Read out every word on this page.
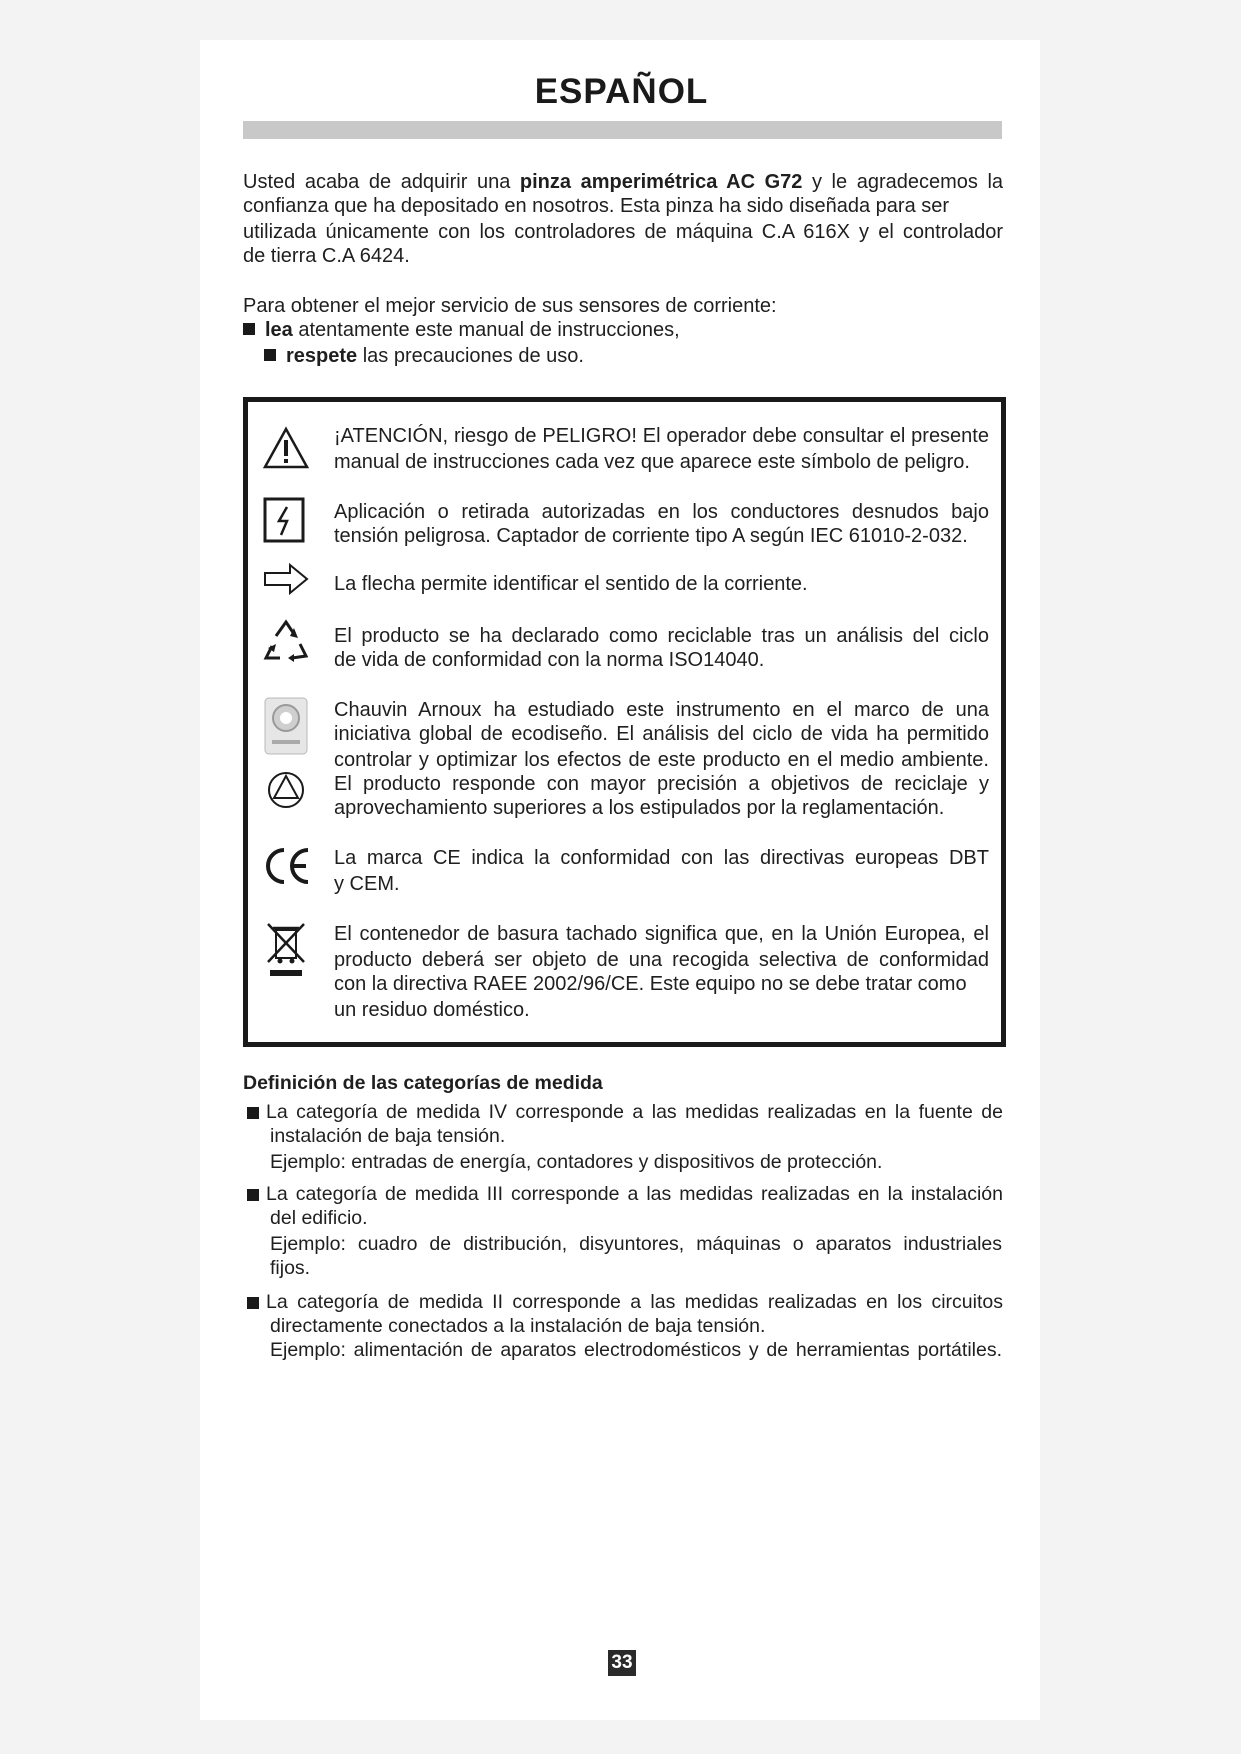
ESPAÑOL
Usted acaba de adquirir una pinza amperimétrica AC G72 y le agradecemos la
confianza que ha depositado en nosotros. Esta pinza ha sido diseñada para ser
utilizada únicamente con los controladores de máquina C.A 616X y el controlador
de tierra C.A 6424.
Para obtener el mejor servicio de sus sensores de corriente:
lea atentamente este manual de instrucciones,
respete las precauciones de uso.
¡ATENCIÓN, riesgo de PELIGRO! El operador debe consultar el presente
manual de instrucciones cada vez que aparece este símbolo de peligro.
Aplicación o retirada autorizadas en los conductores desnudos bajo
tensión peligrosa. Captador de corriente tipo A según IEC 61010-2-032.
La flecha permite identificar el sentido de la corriente.
El producto se ha declarado como reciclable tras un análisis del ciclo
de vida de conformidad con la norma ISO14040.
Chauvin Arnoux ha estudiado este instrumento en el marco de una
iniciativa global de ecodiseño. El análisis del ciclo de vida ha permitido
controlar y optimizar los efectos de este producto en el medio ambiente.
El producto responde con mayor precisión a objetivos de reciclaje y
aprovechamiento superiores a los estipulados por la reglamentación.
La marca CE indica la conformidad con las directivas europeas DBT
y CEM.
El contenedor de basura tachado significa que, en la Unión Europea, el
producto deberá ser objeto de una recogida selectiva de conformidad
con la directiva RAEE 2002/96/CE. Este equipo no se debe tratar como
un residuo doméstico.
Definición de las categorías de medida
La categoría de medida IV corresponde a las medidas realizadas en la fuente de
instalación de baja tensión.
Ejemplo: entradas de energía, contadores y dispositivos de protección.
La categoría de medida III corresponde a las medidas realizadas en la instalación
del edificio.
Ejemplo: cuadro de distribución, disyuntores, máquinas o aparatos industriales
fijos.
La categoría de medida II corresponde a las medidas realizadas en los circuitos
directamente conectados a la instalación de baja tensión.
Ejemplo: alimentación de aparatos electrodomésticos y de herramientas portátiles.
33
